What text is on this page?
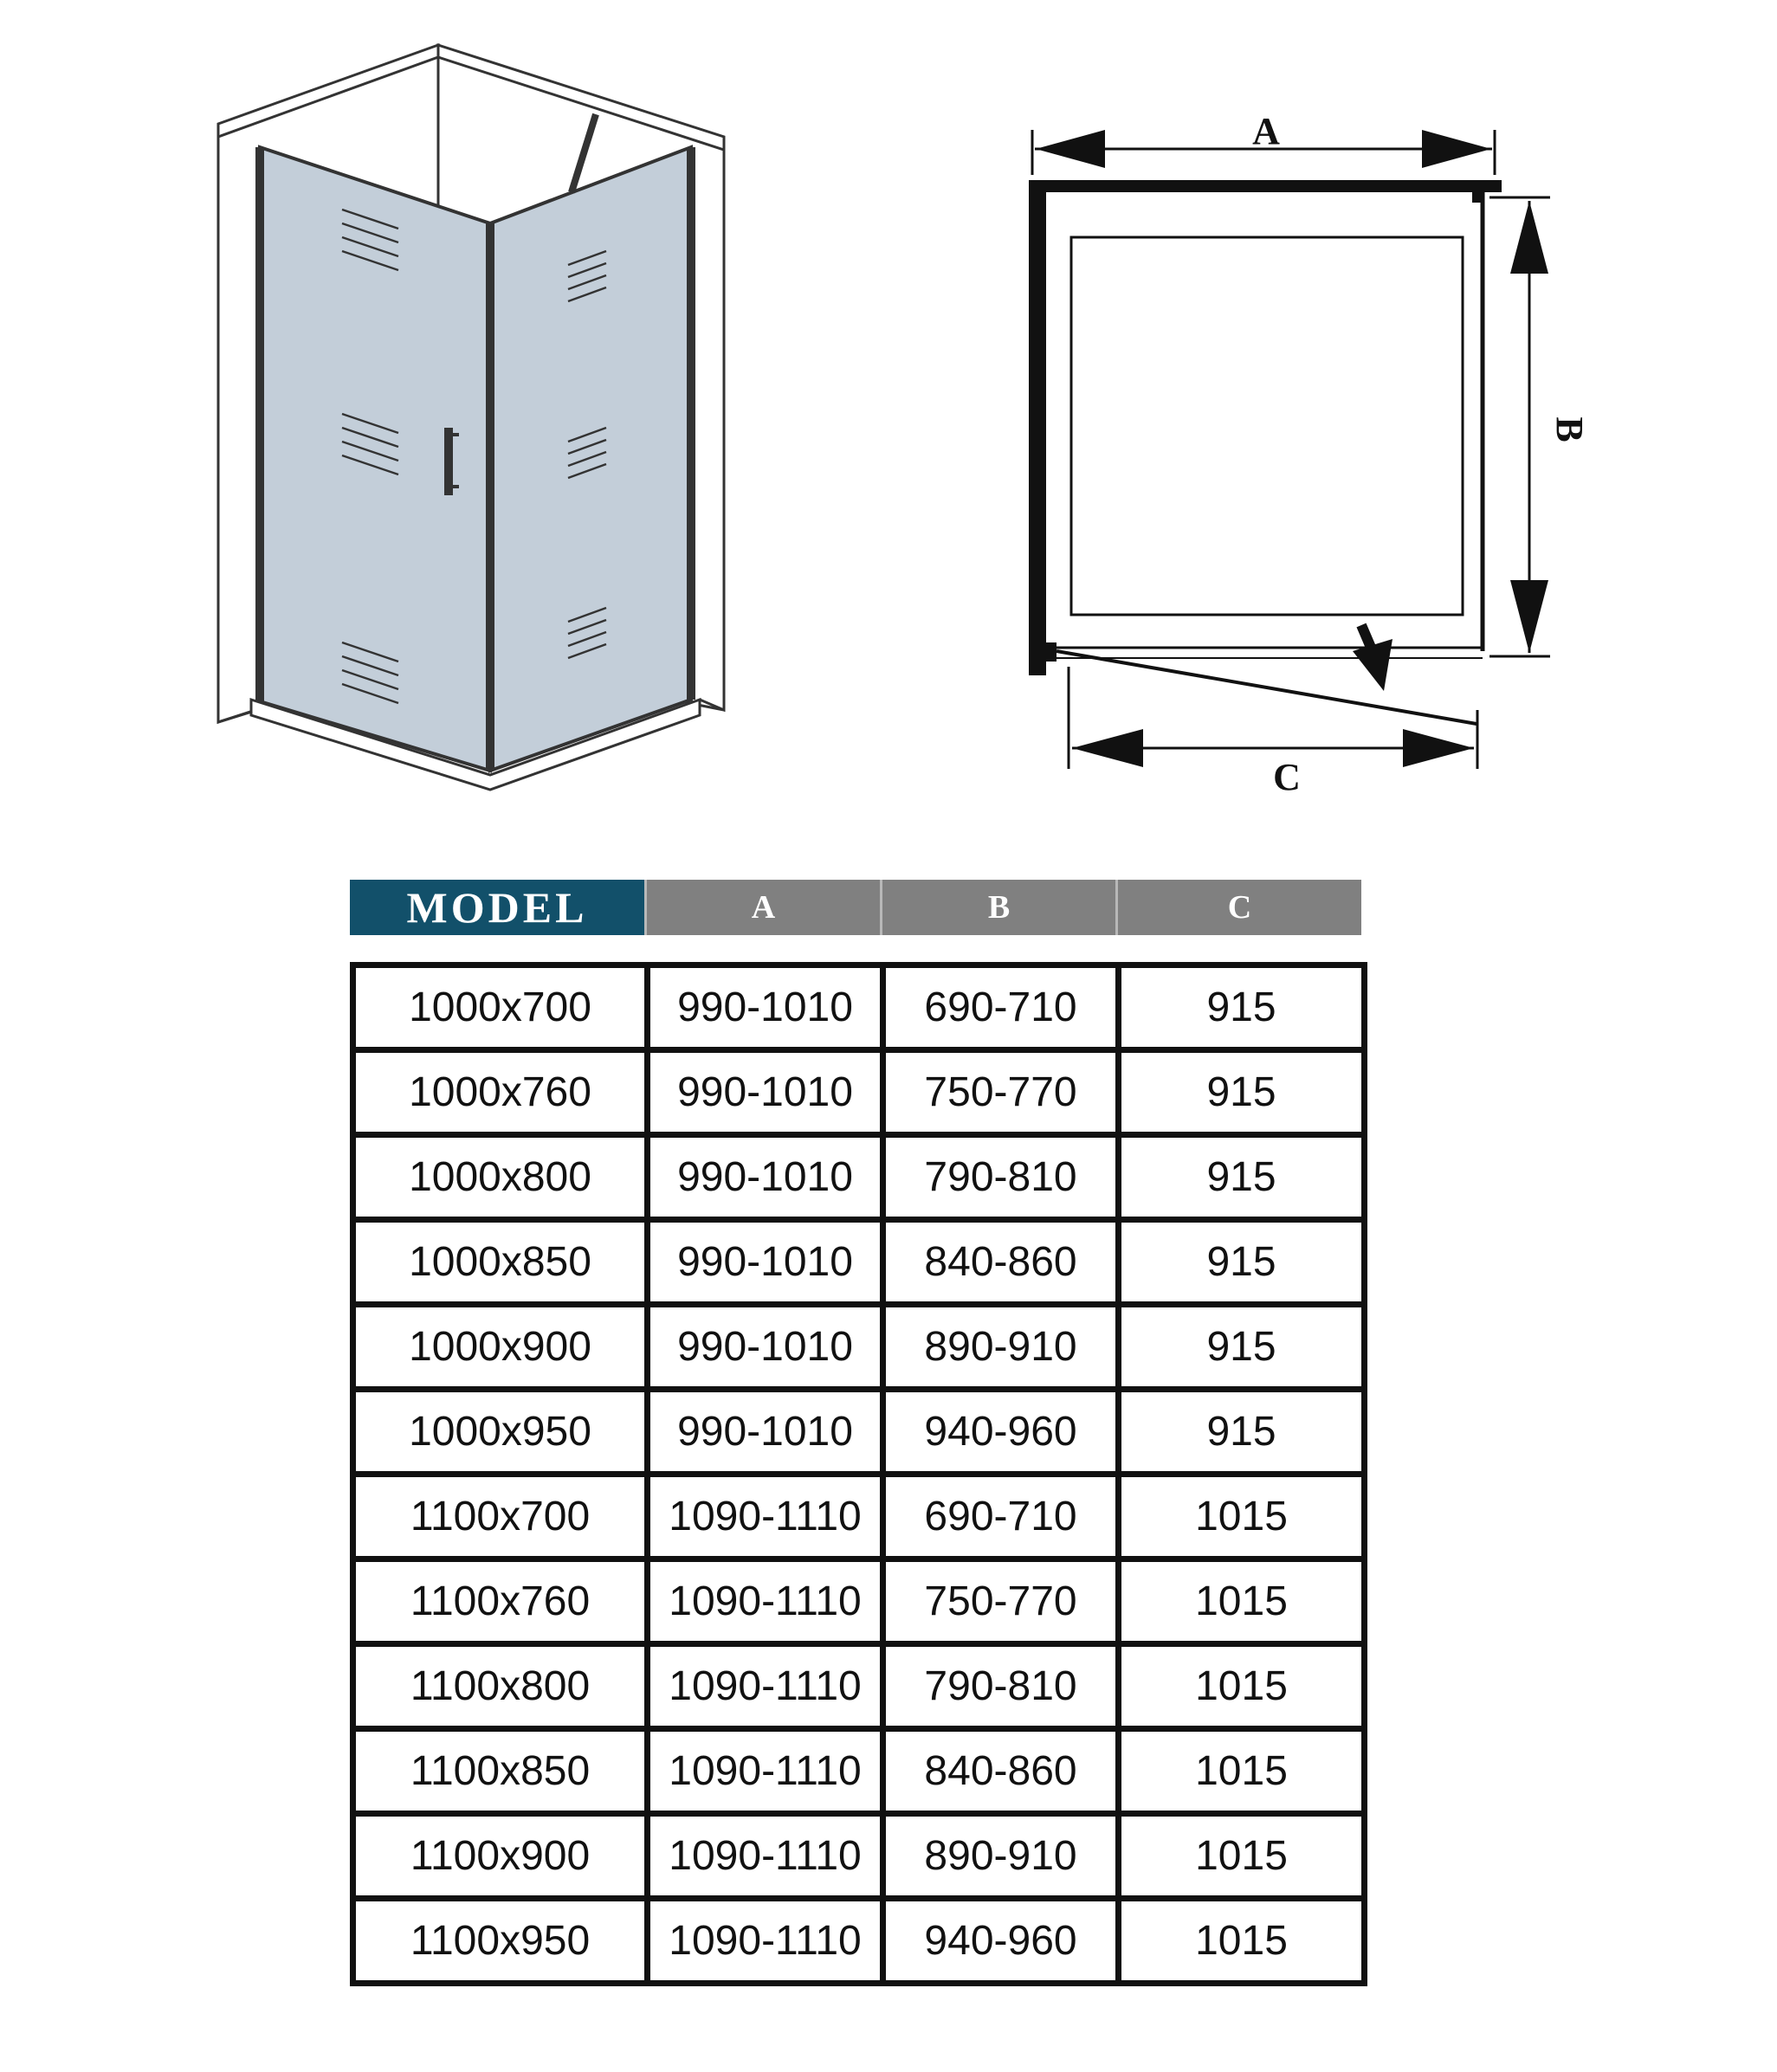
A
B
C
MODEL	A	B	C
1000x700	990-1010	690-710	915
1000x760	990-1010	750-770	915
1000x800	990-1010	790-810	915
1000x850	990-1010	840-860	915
1000x900	990-1010	890-910	915
1000x950	990-1010	940-960	915
1100x700	1090-1110	690-710	1015
1100x760	1090-1110	750-770	1015
1100x800	1090-1110	790-810	1015
1100x850	1090-1110	840-860	1015
1100x900	1090-1110	890-910	1015
1100x950	1090-1110	940-960	1015
